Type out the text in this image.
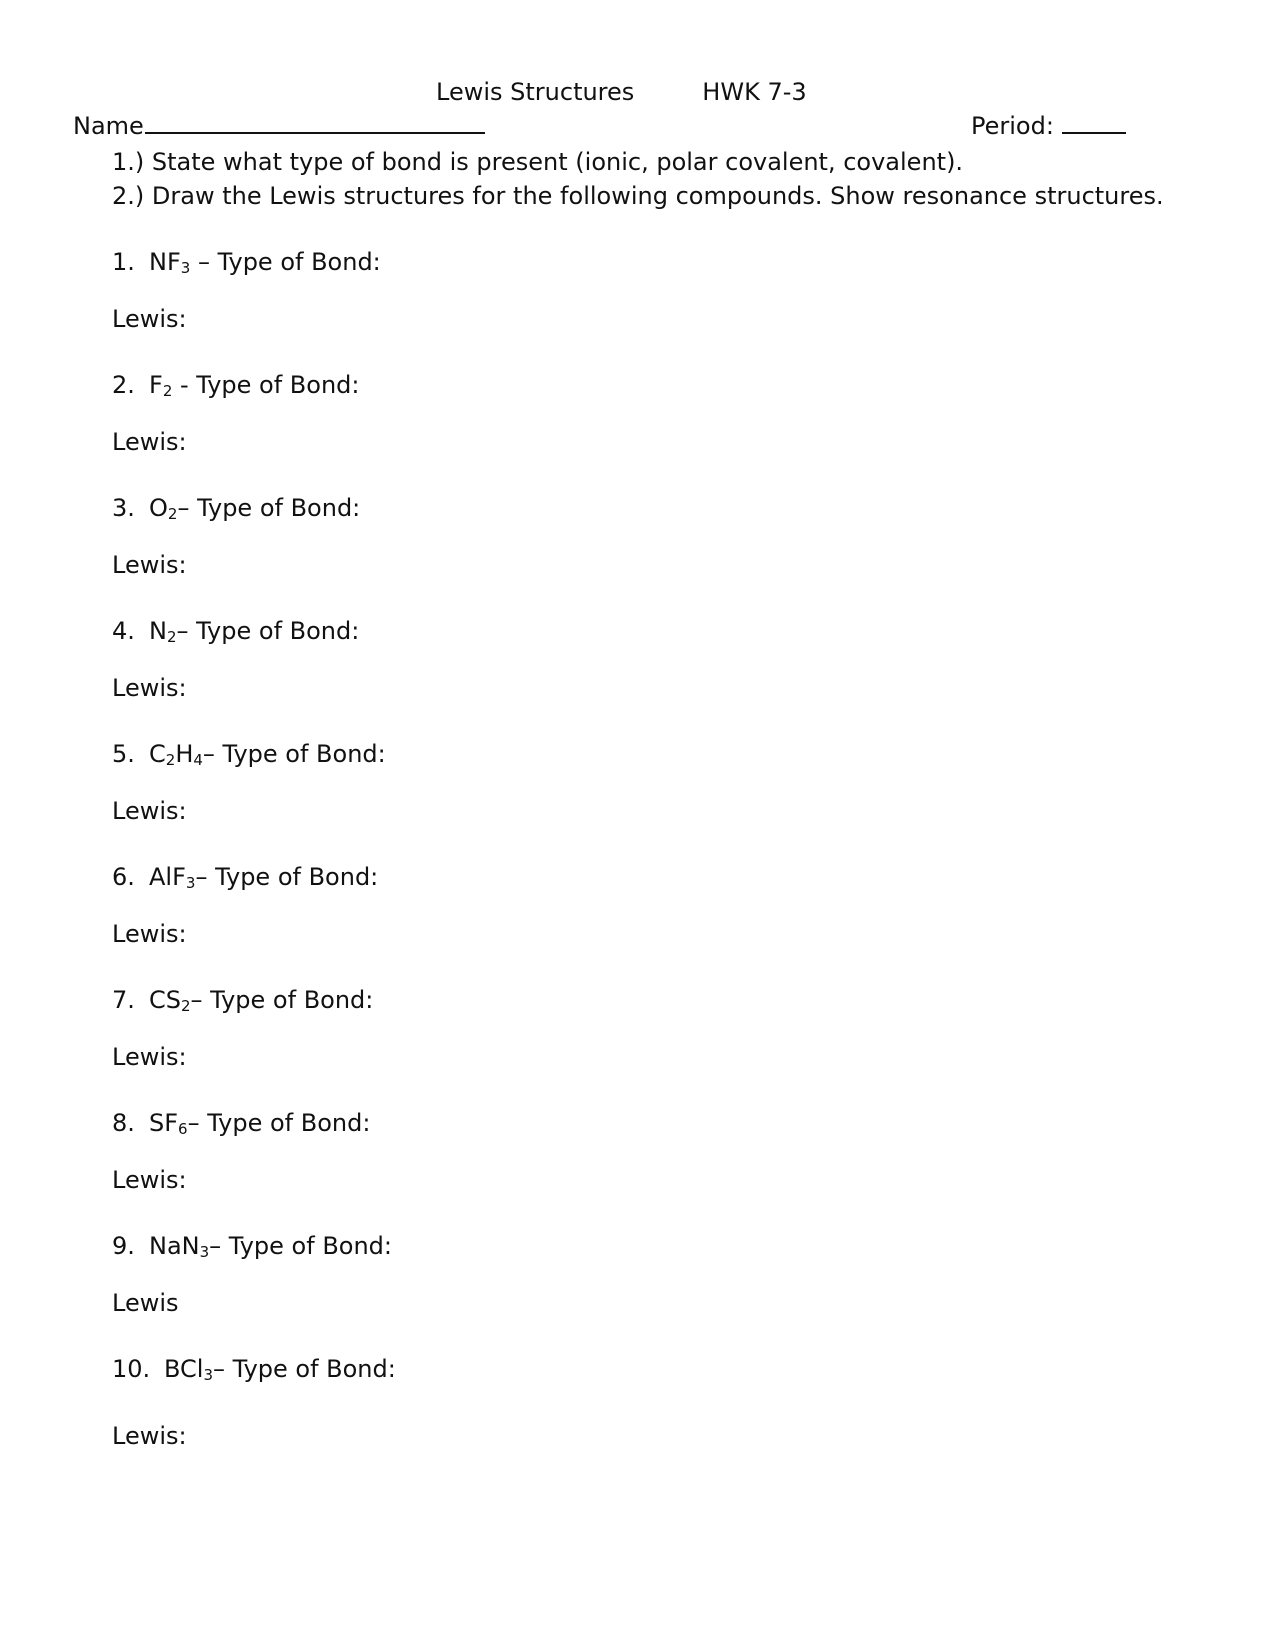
Lewis Structures	HWK 7-3
Name	Period:
1.) State what type of bond is present (ionic, polar covalent, covalent).
2.) Draw the Lewis structures for the following compounds. Show resonance structures.
1. $NF_3$ – Type of Bond:
Lewis:
2. $F_2$ - Type of Bond:
Lewis:
3. $O_2-$ Type of Bond:
Lewis:
4. $N_2-$ Type of Bond:
Lewis:
5. $C_2H_4-$ Type of Bond:
Lewis:
6. AlF$_3$– Type of Bond:
Lewis:
7. $CS_2-$ Type of Bond:
Lewis:
8. $SF_6-$ Type of Bond:
Lewis:
9. NaN$_3$– Type of Bond:
Lewis
10. BCl$_3$– Type of Bond:
Lewis:
